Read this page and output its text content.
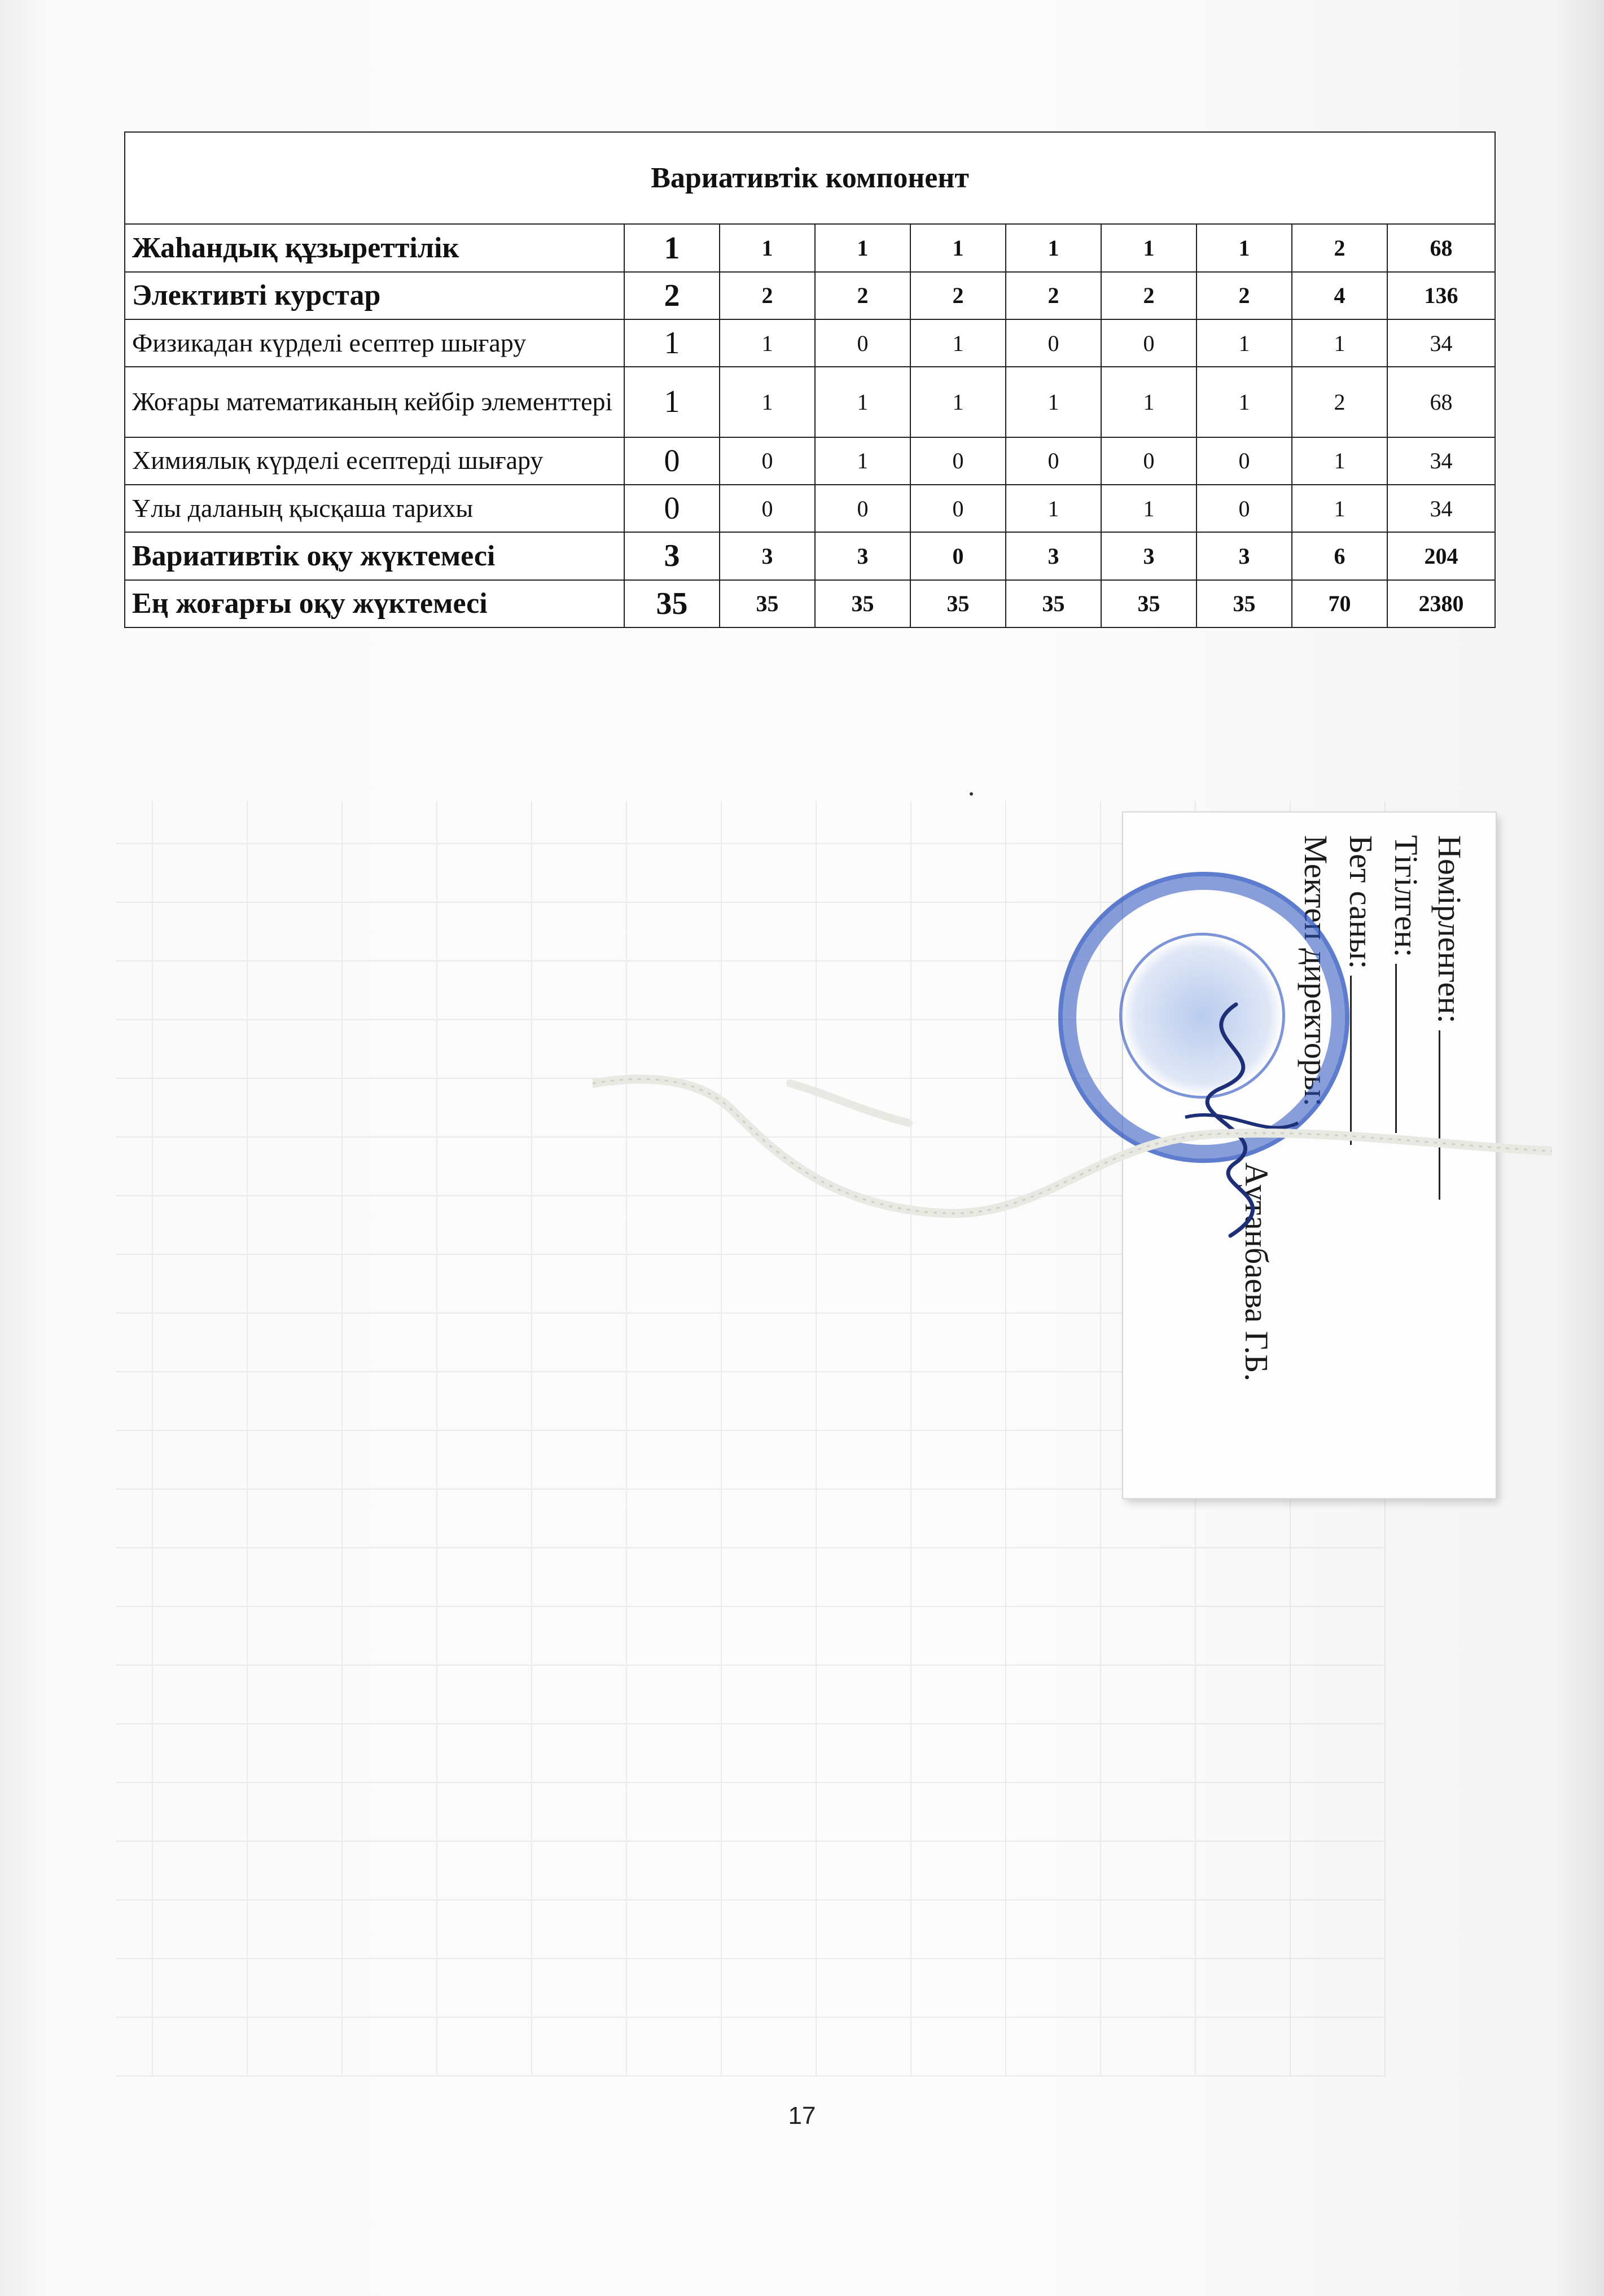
Вариативтік компонент									
Жаһандық құзыреттілік	1	1	1	1	1	1	1	2	68
Элективті курстар	2	2	2	2	2	2	2	4	136
Физикадан күрделі есептер шығару	1	1	0	1	0	0	1	1	34
Жоғары математиканың кейбір элементтері	1	1	1	1	1	1	1	2	68
Химиялық күрделі есептерді шығару	0	0	1	0	0	0	0	1	34
Ұлы даланың қысқаша тарихы	0	0	0	0	1	1	0	1	34
Вариативтік оқу жүктемесі	3	3	3	0	3	3	3	6	204
Ең жоғарғы оқу жүктемесі	35	35	35	35	35	35	35	70	2380
Нөмірленген:
Тігілген:
Бет саны:
Мектеп директоры:
Аутанбаева Г.Б.
17
